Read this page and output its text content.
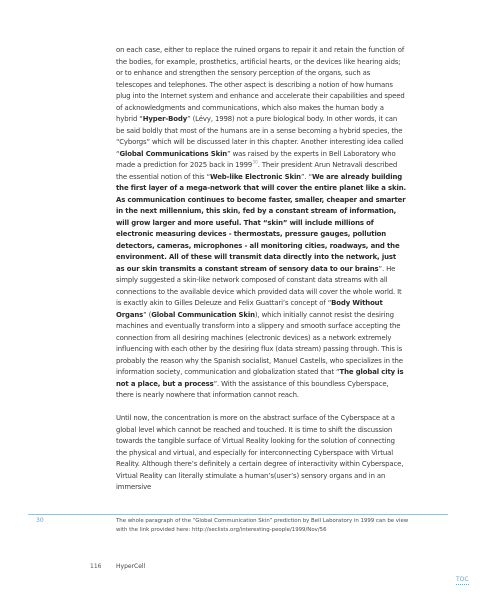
on each case, either to replace the ruined organs to repair it and retain the function of the bodies, for example, prosthetics, artificial hearts, or the devices like hearing aids; or to enhance and strengthen the sensory perception of the organs, such as telescopes and telephones. The other aspect is describing a notion of how humans plug into the Internet system and enhance and accelerate their capabilities and speed of acknowledgments and communications, which also makes the human body a hybrid “Hyper-Body” (Lévy, 1998) not a pure biological body. In other words, it can be said boldly that most of the humans are in a sense becoming a hybrid species, the “Cyborgs” which will be discussed later in this chapter. Another interesting idea called “Global Communications Skin” was raised by the experts in Bell Laboratory who made a prediction for 2025 back in 1999$^{30}$. Their president Arun Netravali described the essential notion of this “Web-like Electronic Skin”. “We are already building the first layer of a mega-network that will cover the entire planet like a skin. As communication continues to become faster, smaller, cheaper and smarter in the next millennium, this skin, fed by a constant stream of information, will grow larger and more useful. That “skin” will include millions of electronic measuring devices - thermostats, pressure gauges, pollution detectors, cameras, microphones - all monitoring cities, roadways, and the environment. All of these will transmit data directly into the network, just as our skin transmits a constant stream of sensory data to our brains”. He simply suggested a skin-like network composed of constant data streams with all connections to the available device which provided data will cover the whole world. It is exactly akin to Gilles Deleuze and Felix Guattari’s concept of “Body Without Organs” (Global Communication Skin), which initially cannot resist the desiring machines and eventually transform into a slippery and smooth surface accepting the connection from all desiring machines (electronic devices) as a network extremely influencing with each other by the desiring flux (data stream) passing through. This is probably the reason why the Spanish socialist, Manuel Castells, who specializes in the information society, communication and globalization stated that “The global city is not a place, but a process”. With the assistance of this boundless Cyberspace, there is nearly nowhere that information cannot reach.

Until now, the concentration is more on the abstract surface of the Cyberspace at a global level which cannot be reached and touched. It is time to shift the discussion towards the tangible surface of Virtual Reality looking for the solution of connecting the physical and virtual, and especially for interconnecting Cyberspace with Virtual Reality. Although there’s definitely a certain degree of interactivity within Cyberspace, Virtual Reality can literally stimulate a human’s(user’s) sensory organs and in an immersive

30	The whole paragraph of the “Global Communication Skin” prediction by Bell Laboratory in 1999 can be view with the link provided here: http://seclists.org/interesting-people/1999/Nov/56
116 HyperCell
TOC
